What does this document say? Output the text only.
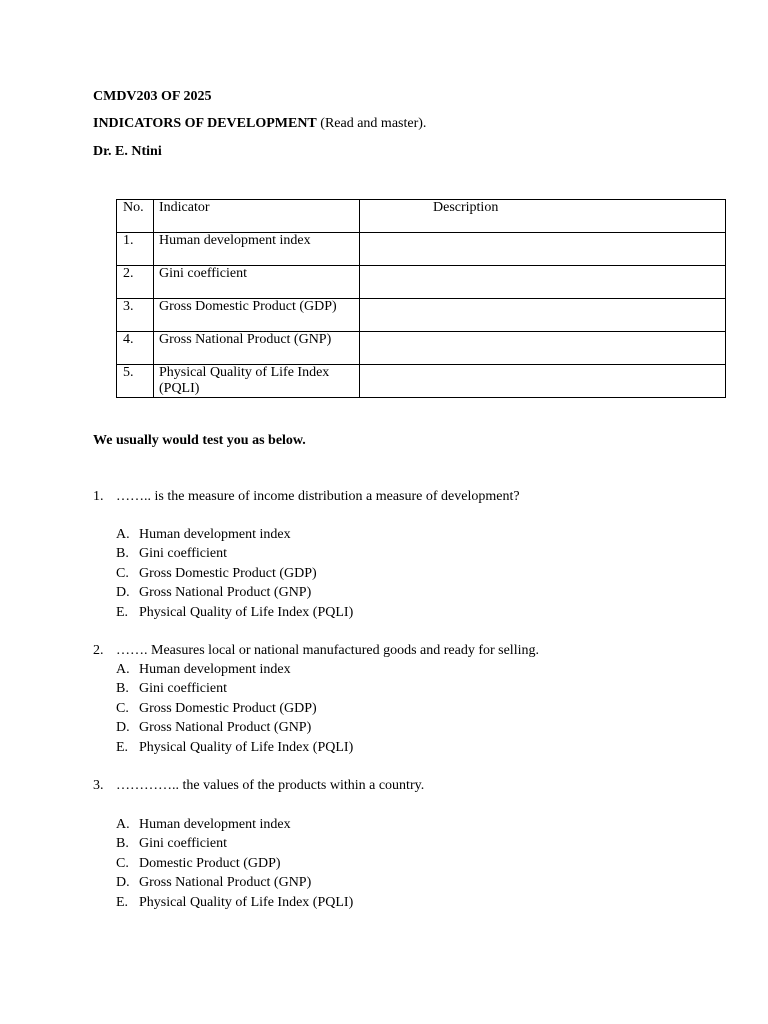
CMDV203 OF 2025
INDICATORS OF DEVELOPMENT (Read and master).
Dr. E. Ntini
No.	Indicator	Description
1.	Human development index	
2.	Gini coefficient	
3.	Gross Domestic Product (GDP)	
4.	Gross National Product (GNP)	
5.	Physical Quality of Life Index (PQLI)	
We usually would test you as below.
1. …….. is the measure of income distribution a measure of development?
A. Human development index
B. Gini coefficient
C. Gross Domestic Product (GDP)
D. Gross National Product (GNP)
E. Physical Quality of Life Index (PQLI)
2. ……. Measures local or national manufactured goods and ready for selling.
A. Human development index
B. Gini coefficient
C. Gross Domestic Product (GDP)
D. Gross National Product (GNP)
E. Physical Quality of Life Index (PQLI)
3. ………….. the values of the products within a country.
A. Human development index
B. Gini coefficient
C. Domestic Product (GDP)
D. Gross National Product (GNP)
E. Physical Quality of Life Index (PQLI)
